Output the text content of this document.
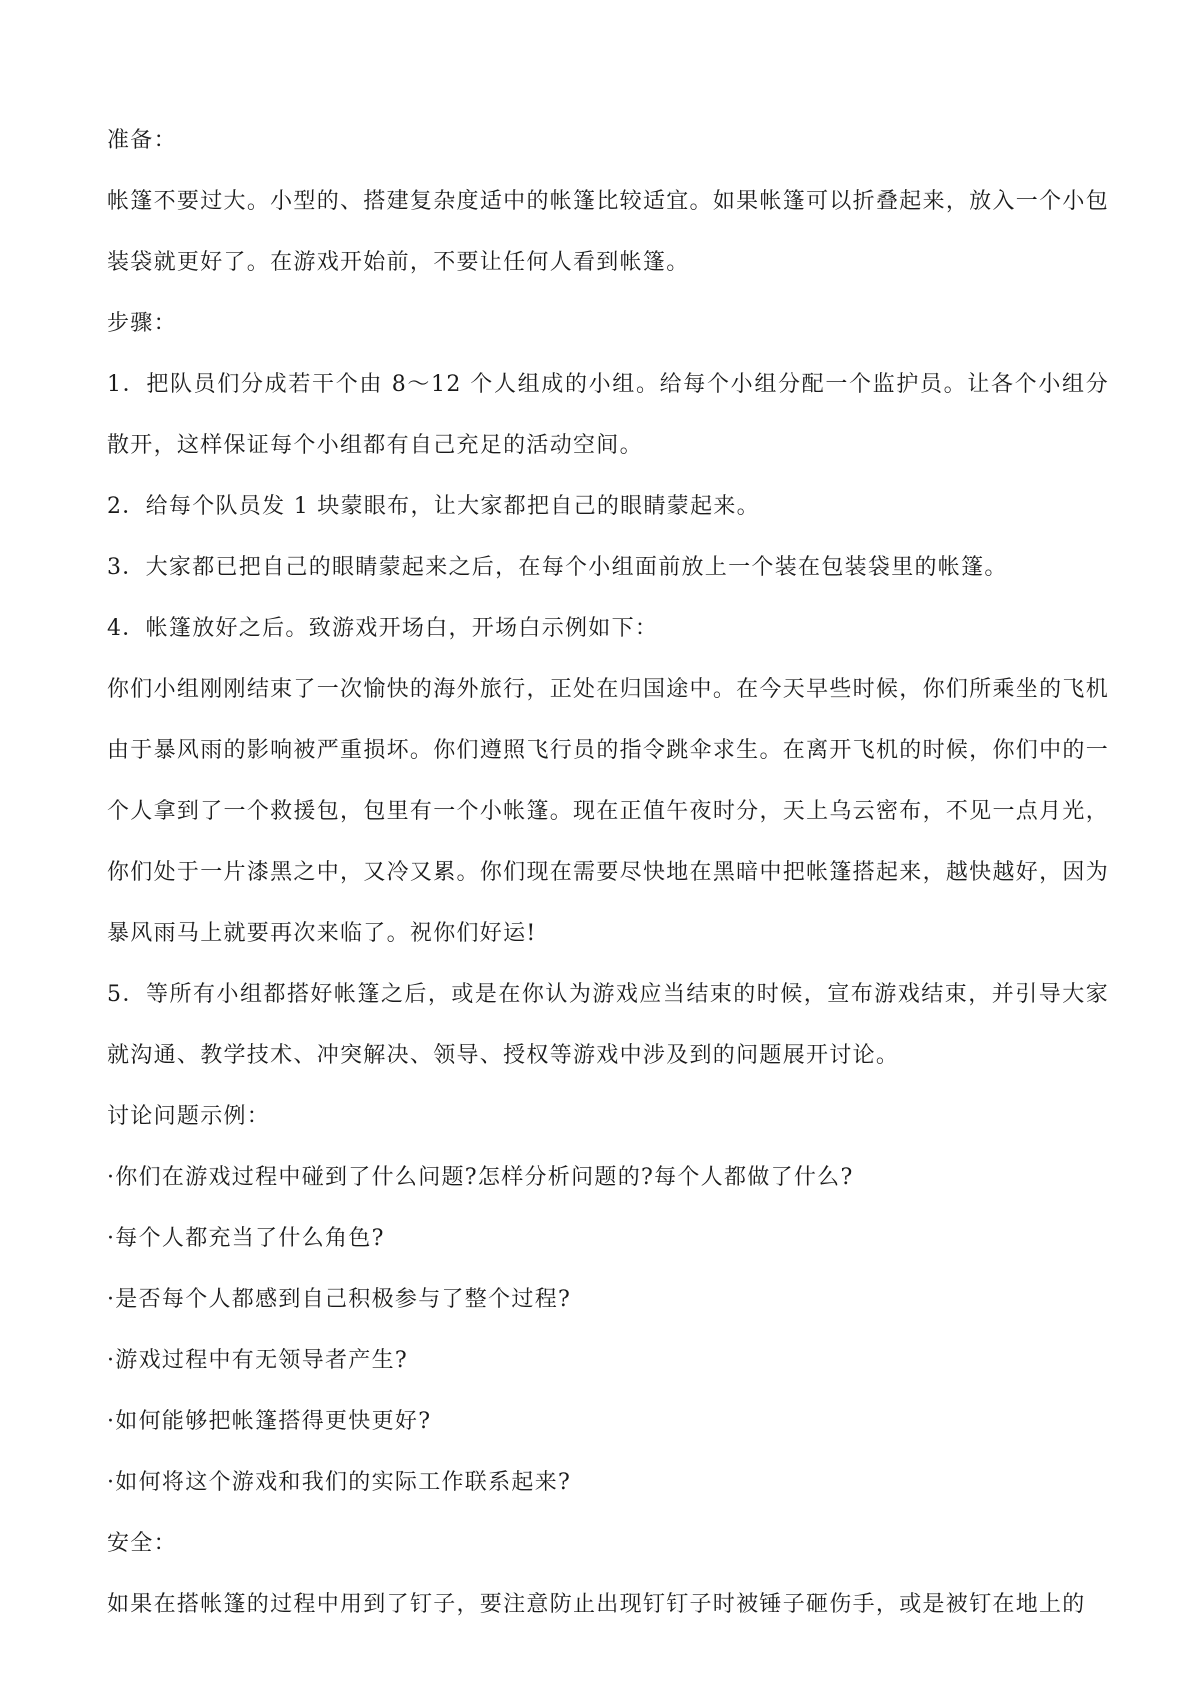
准备：

帐篷不要过大。小型的、搭建复杂度适中的帐篷比较适宜。如果帐篷可以折叠起来，放入一个小包装袋就更好了。在游戏开始前，不要让任何人看到帐篷。

步骤：

1．把队员们分成若干个由 8～12 个人组成的小组。给每个小组分配一个监护员。让各个小组分散开，这样保证每个小组都有自己充足的活动空间。

2．给每个队员发 1 块蒙眼布，让大家都把自己的眼睛蒙起来。

3．大家都已把自己的眼睛蒙起来之后，在每个小组面前放上一个装在包装袋里的帐篷。

4．帐篷放好之后。致游戏开场白，开场白示例如下：

你们小组刚刚结束了一次愉快的海外旅行，正处在归国途中。在今天早些时候，你们所乘坐的飞机由于暴风雨的影响被严重损坏。你们遵照飞行员的指令跳伞求生。在离开飞机的时候，你们中的一个人拿到了一个救援包，包里有一个小帐篷。现在正值午夜时分，天上乌云密布，不见一点月光，你们处于一片漆黑之中，又冷又累。你们现在需要尽快地在黑暗中把帐篷搭起来，越快越好，因为暴风雨马上就要再次来临了。祝你们好运!

5．等所有小组都搭好帐篷之后，或是在你认为游戏应当结束的时候，宣布游戏结束，并引导大家就沟通、教学技术、冲突解决、领导、授权等游戏中涉及到的问题展开讨论。

讨论问题示例：

·你们在游戏过程中碰到了什么问题?怎样分析问题的?每个人都做了什么?

·每个人都充当了什么角色?

·是否每个人都感到自己积极参与了整个过程?

·游戏过程中有无领导者产生?

·如何能够把帐篷搭得更快更好?

·如何将这个游戏和我们的实际工作联系起来?

安全：

如果在搭帐篷的过程中用到了钉子，要注意防止出现钉钉子时被锤子砸伤手，或是被钉在地上的
